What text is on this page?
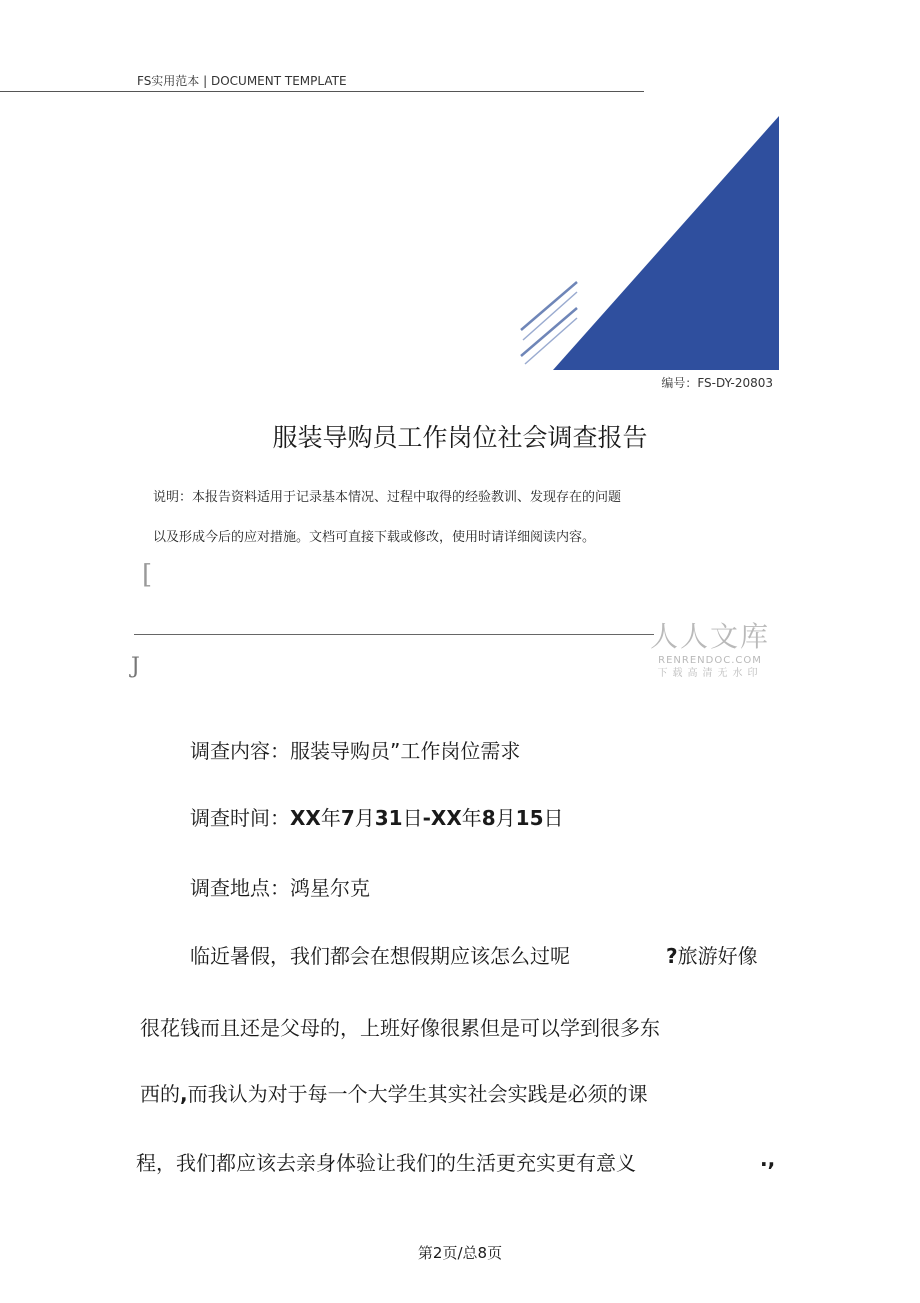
FS实用范本 | DOCUMENT TEMPLATE
编号：FS-DY-20803
服装导购员工作岗位社会调查报告
说明：本报告资料适用于记录基本情况、过程中取得的经验教训、发现存在的问题
以及形成今后的应对措施。文档可直接下载或修改，使用时请详细阅读内容。
[
J
人人文库
RENRENDOC.COM
下载高清无水印
调查内容：服装导购员”工作岗位需求
调查时间：XX年7月31日-XX年8月15日
调查地点：鸿星尔克
临近暑假，我们都会在想假期应该怎么过呢	?旅游好像
很花钱而且还是父母的，上班好像很累但是可以学到很多东
西的,而我认为对于每一个大学生其实社会实践是必须的课
程，我们都应该去亲身体验让我们的生活更充实更有意义	.,
第2页/总8页
